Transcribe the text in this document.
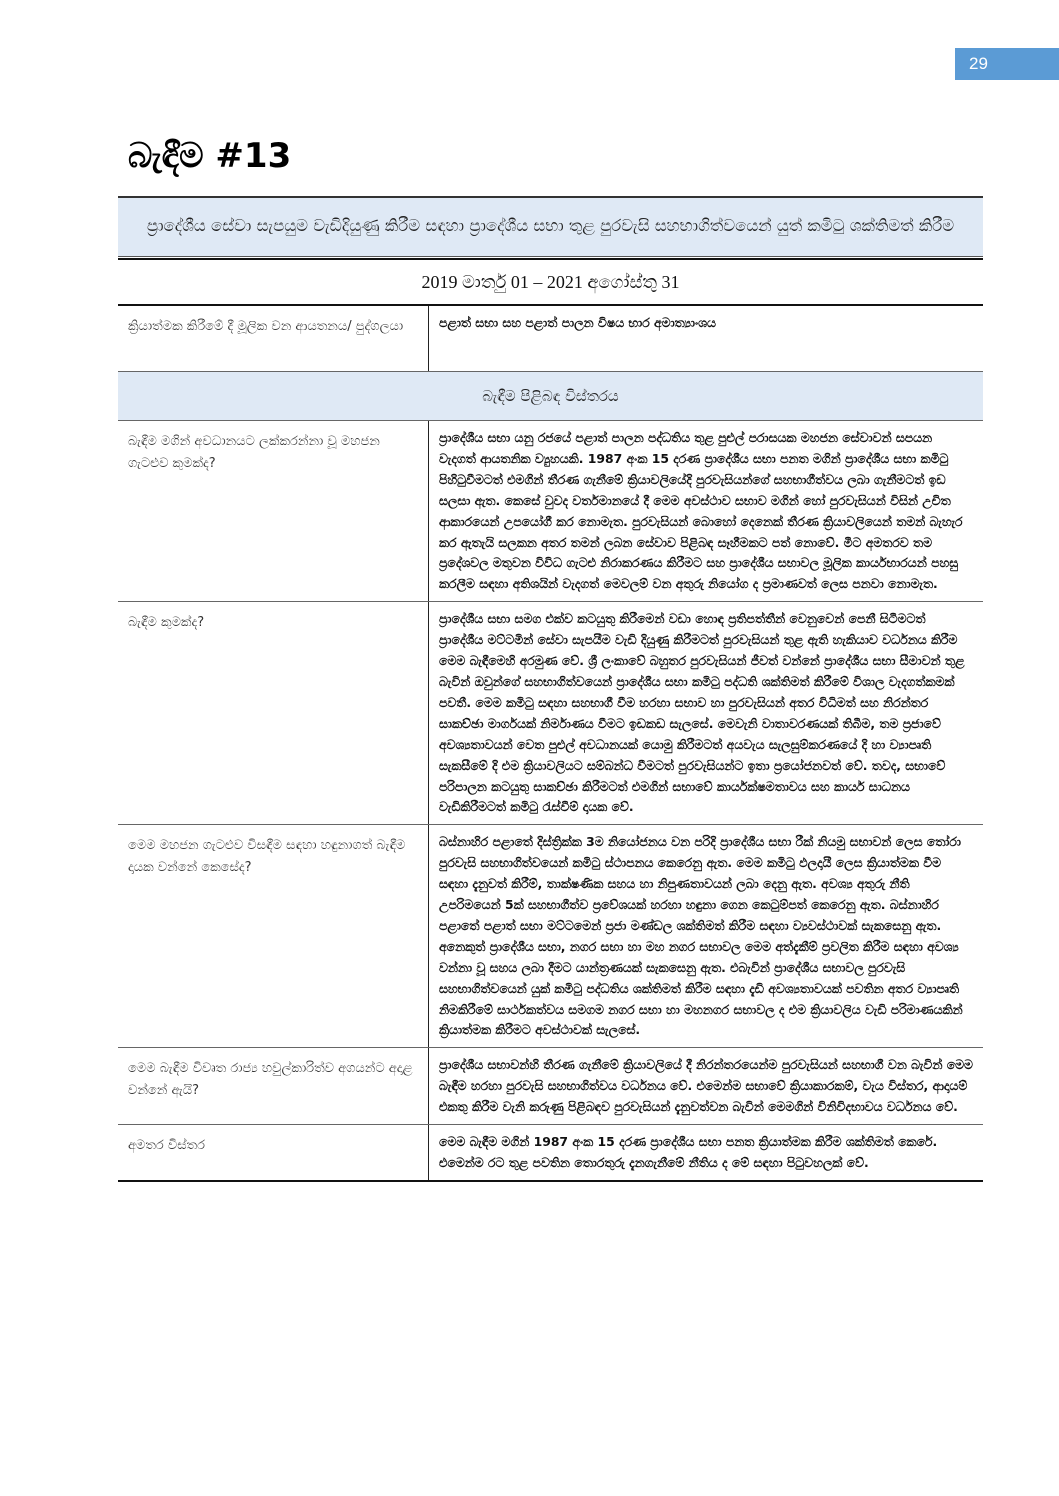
29
බැඳීම #13
ප්‍රාදේශීය සේවා සැපයුම වැඩිදියුණු කිරීම සඳහා ප්‍රාදේශීය සභා තුළ පුරවැසි සහභාගිත්වයෙන් යුත් කමිටු ශක්තිමත් කිරීම
2019 මාර්තු 01 – 2021 අගෝස්තු 31
ක්‍රියාත්මක කිරීමේ දී මූලික වන ආයතනය/ පුද්ගලයා	පළාත් සභා සහ පළාත් පාලන විෂය භාර අමාත්‍යාංශය
බැඳීම පිළිබඳ විස්තරය	
බැඳීම මගින් අවධානයට ලක්කරන්නා වූ මහජන ගැටළුව කුමක්ද?	ප්‍රාදේශීය සභා යනු රජයේ පළාත් පාලන පද්ධතිය තුළ පුළුල් පරාසයක මහජන සේවාවන් සපයන වැදගත් ආයතනික ව්‍යුහයකි. 1987 අංක 15 දරණ ප්‍රාදේශීය සභා පනත මගින් ප්‍රාදේශීය සභා කමිටු පිහිටුවීමටත් එමගින් තීරණ ගැනීමේ ක්‍රියාවලියේදි පුරවැසියන්ගේ සහභාගීත්වය ලබා ගැනීමටත් ඉඩ සලසා ඇත. කෙසේ වුවද වර්තමානයේ දී මෙම අවස්ථාව සභාව මගින් හෝ පුරවැසියන් විසින් උචිත ආකාරයෙන් උපයෝගී කර නොමැත. පුරවැසියන් බොහෝ දෙනෙක් තීරණ ක්‍රියාවලියෙන් තමන් බැහැර කර ඇතැයි සලකන අතර තමන් ලබන සේවාව පිළිබඳ සෑහීමකට පත් නොවේ. මීට අමතරව තම ප්‍රදේශවල මතුවන විවිධ ගැටළු නිරාකරණය කිරීමට සහ ප්‍රාදේශීය සභාවල මූලික කාර්යභාරයන් පහසු කරලීම සඳහා අතිශයින් වැදගත් මෙවලම් වන අතුරු නියෝග ද ප්‍රමාණවත් ලෙස පනවා නොමැත.
බැඳීම කුමක්ද?	ප්‍රාදේශීය සභා සමග එක්ව කටයුතු කිරීමෙන් වඩා හොඳ ප්‍රතිපත්තීන් වෙනුවෙන් පෙනී සිටීමටත් ප්‍රාදේශීය මට්ටමින් සේවා සැපයීම වැඩි දියුණු කිරීමටත් පුරවැසියන් තුළ ඇති හැකියාව වර්ධනය කිරීම මෙම බැඳීමෙහි අරමුණ වේ. ශ්‍රී ලංකාවේ බහුතර පුරවැසියන් ජීවත් වන්නේ ප්‍රාදේශීය සභා සීමාවන් තුළ බැවින් ඔවුන්ගේ සහභාගිත්වයෙන් ප්‍රාදේශීය සභා කමිටු පද්ධති ශක්තිමත් කිරීමේ විශාල වැදගත්කමක් පවතී. මෙම කමිටු සඳහා සහභාගී වීම හරහා සභාව හා පුරවැසියන් අතර විධිමත් සහ නිරන්තර සාකච්ඡා මාර්ගයක් නිර්මාණය වීමට ඉඩකඩ සැලසේ. මෙවැනි වාතාවරණයක් තිබීම, තම ප්‍රජාවේ අවශ්‍යතාවයන් වෙත පුළුල් අවධානයක් යොමු කිරීමටත් අයවැය සැලසුම්කරණයේ දි හා ව්‍යාපෘති සැකසීමේ දි එම ක්‍රියාවලියට සම්බන්ධ වීමටත් පුරවැසියන්ට ඉතා ප්‍රයෝජනවත් වේ. තවද, සභාවේ පරිපාලන කටයුතු සාකච්ඡා කිරීමටත් එමගින් සභාවේ කාර්යක්ෂමතාවය සහ කාර්ය සාධනය වැඩිකිරීමටත් කමිටු රැස්වීම් දායක වේ.
මෙම මහජන ගැටළුව විසඳීම සඳහා හඳුනාගත් බැඳීම දායක වන්නේ කෙසේද?	බස්නාහිර පළාතේ දිස්ත්‍රික්ක 3ම නියෝජනය වන පරිදි ප්‍රාදේශීය සභා රීක් නියමු සභාවන් ලෙස තෝරා පුරවැසි සහභාගිත්වයෙන් කමිටු ස්ථාපනය කෙරෙනු ඇත. මෙම කමිටු ඵලදායී ලෙස ක්‍රියාත්මක වීම සඳහා දැනුවත් කිරීම්, තාක්ෂණික සහය හා නිපුණතාවයන් ලබා දෙනු ඇත. අවශ්‍ය අතුරු නීති උපරිමයෙන් 5ක් සහභාගීත්ව ප්‍රවේශයක් හරහා හඳුනා ගෙන කෙටුම්පත් කෙරෙනු ඇත. බස්නාහිර පළාතේ පළාත් සභා මට්ටමෙන් ප්‍රජා මණ්ඩල ශක්තිමත් කිරීම සඳහා ව්‍යවස්ථාවක් සැකසෙනු ඇත. අනෙකුත් ප්‍රාදේශීය සභා, නගර සභා හා මහ නගර සභාවල මෙම අත්දැකීම් ප්‍රවලිත කිරීම සඳහා අවශ්‍ය වන්නා වූ සහය ලබා දීමට යාන්ත්‍රණයක් සැකසෙනු ඇත. එබැවින් ප්‍රාදේශීය සභාවල පුරවැසි සහභාගිත්වයෙන් යුක් කමිටු පද්ධතිය ශක්තිමත් කිරීම සඳහා දැඩි අවශ්‍යතාවයක් පවතින අතර ව්‍යාපෘති නිමකිරීමේ සාර්ථකත්වය සමගම නගර සභා හා මහනගර සභාවල ද එම ක්‍රියාවලිය වැඩි පරිමාණයකින් ක්‍රියාත්මක කිරීමට අවස්ථාවක් සැලසේ.
මෙම බැඳීම විවෘත රාජ්‍ය හවුල්කාරිත්ව අගයන්ට අදාළ වන්නේ ඇයි?	ප්‍රාදේශීය සභාවන්හි තීරණ ගැනීමේ ක්‍රියාවලියේ දී නිරන්තරයෙන්ම පුරවැසියන් සහභාගී වන බැවින් මෙම බැඳීම හරහා පුරවැසි සහභාගිත්වය වර්ධනය වේ. එමෙන්ම සභාවේ ක්‍රියාකාරකම්, වැය විස්තර, ආදායම් එකතු කිරීම වැනි කරුණු පිළිබඳව පුරවැසියන් දැනුවත්වන බැවින් මෙමගින් විනිවිදභාවය වර්ධනය වේ.
අමතර විස්තර	මෙම බැඳීම මගින් 1987 අංක 15 දරණ ප්‍රාදේශීය සභා පනත ක්‍රියාත්මක කිරීම ශක්තිමත් කෙරේ. එමෙන්ම රට තුළ පවතින තොරතුරු දැනගැනීමේ නීතිය ද මේ සඳහා පිටුවහලක් වේ.
